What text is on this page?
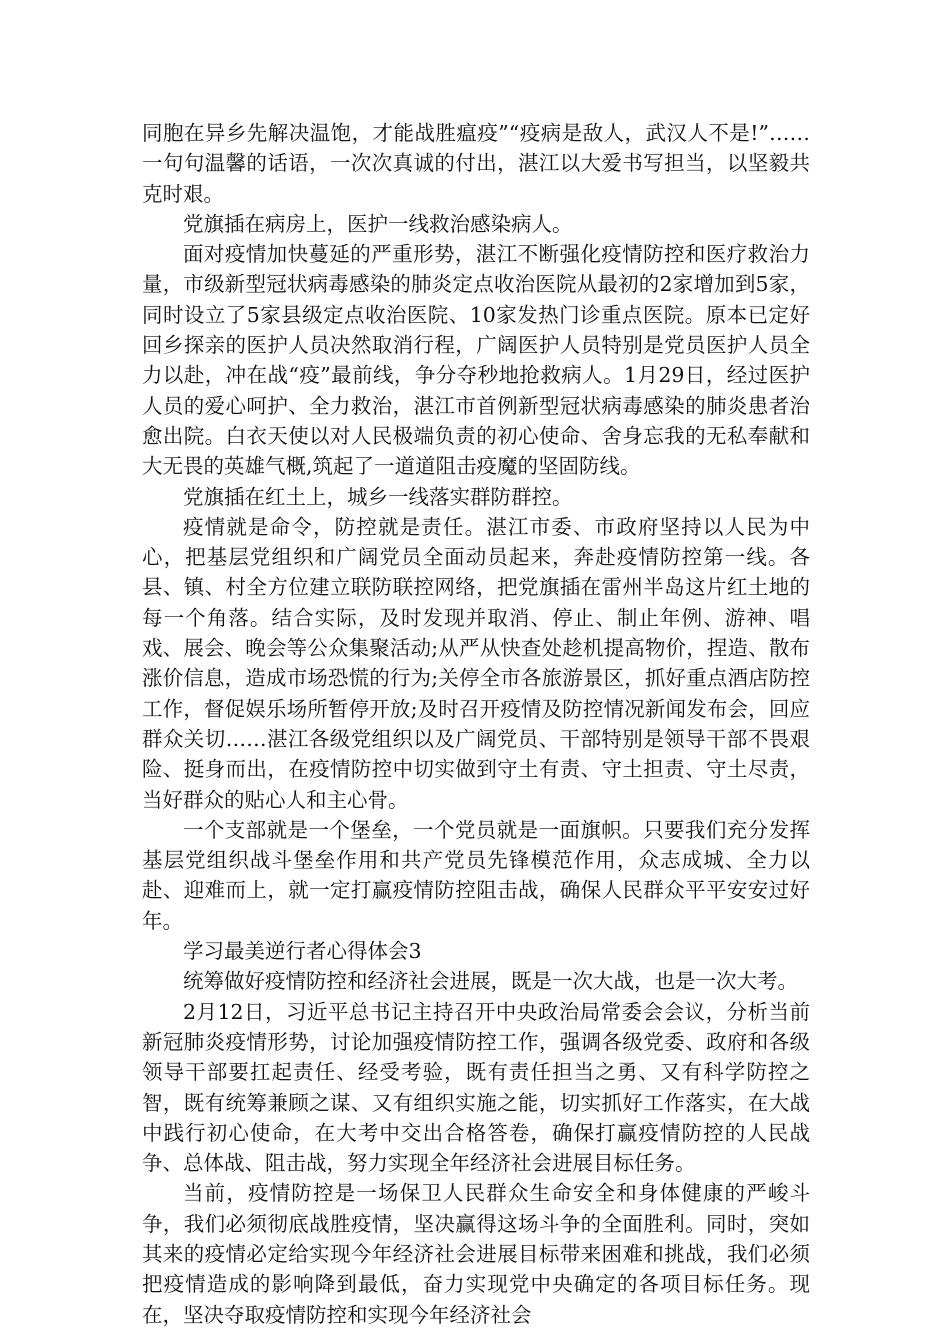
同胞在异乡先解决温饱，才能战胜瘟疫”“疫病是敌人，武汉人不是!”……一句句温馨的话语，一次次真诚的付出，湛江以大爱书写担当，以坚毅共克时艰。

党旗插在病房上，医护一线救治感染病人。

面对疫情加快蔓延的严重形势，湛江不断强化疫情防控和医疗救治力量，市级新型冠状病毒感染的肺炎定点收治医院从最初的2家增加到5家，同时设立了5家县级定点收治医院、10家发热门诊重点医院。原本已定好回乡探亲的医护人员决然取消行程，广阔医护人员特别是党员医护人员全力以赴，冲在战“疫”最前线，争分夺秒地抢救病人。1月29日，经过医护人员的爱心呵护、全力救治，湛江市首例新型冠状病毒感染的肺炎患者治愈出院。白衣天使以对人民极端负责的初心使命、舍身忘我的无私奉献和大无畏的英雄气概,筑起了一道道阻击疫魔的坚固防线。

党旗插在红土上，城乡一线落实群防群控。

疫情就是命令，防控就是责任。湛江市委、市政府坚持以人民为中心，把基层党组织和广阔党员全面动员起来，奔赴疫情防控第一线。各县、镇、村全方位建立联防联控网络，把党旗插在雷州半岛这片红土地的每一个角落。结合实际，及时发现并取消、停止、制止年例、游神、唱戏、展会、晚会等公众集聚活动;从严从快查处趁机提高物价，捏造、散布涨价信息，造成市场恐慌的行为;关停全市各旅游景区，抓好重点酒店防控工作，督促娱乐场所暂停开放;及时召开疫情及防控情况新闻发布会，回应群众关切……湛江各级党组织以及广阔党员、干部特别是领导干部不畏艰险、挺身而出，在疫情防控中切实做到守土有责、守土担责、守土尽责，当好群众的贴心人和主心骨。

一个支部就是一个堡垒，一个党员就是一面旗帜。只要我们充分发挥基层党组织战斗堡垒作用和共产党员先锋模范作用，众志成城、全力以赴、迎难而上，就一定打赢疫情防控阻击战，确保人民群众平平安安过好年。

学习最美逆行者心得体会3

统筹做好疫情防控和经济社会进展，既是一次大战，也是一次大考。

2月12日，习近平总书记主持召开中央政治局常委会会议，分析当前新冠肺炎疫情形势，讨论加强疫情防控工作，强调各级党委、政府和各级领导干部要扛起责任、经受考验，既有责任担当之勇、又有科学防控之智，既有统筹兼顾之谋、又有组织实施之能，切实抓好工作落实，在大战中践行初心使命，在大考中交出合格答卷，确保打赢疫情防控的人民战争、总体战、阻击战，努力实现全年经济社会进展目标任务。

当前，疫情防控是一场保卫人民群众生命安全和身体健康的严峻斗争，我们必须彻底战胜疫情，坚决赢得这场斗争的全面胜利。同时，突如其来的疫情必定给实现今年经济社会进展目标带来困难和挑战，我们必须把疫情造成的影响降到最低，奋力实现党中央确定的各项目标任务。现在，坚决夺取疫情防控和实现今年经济社会
